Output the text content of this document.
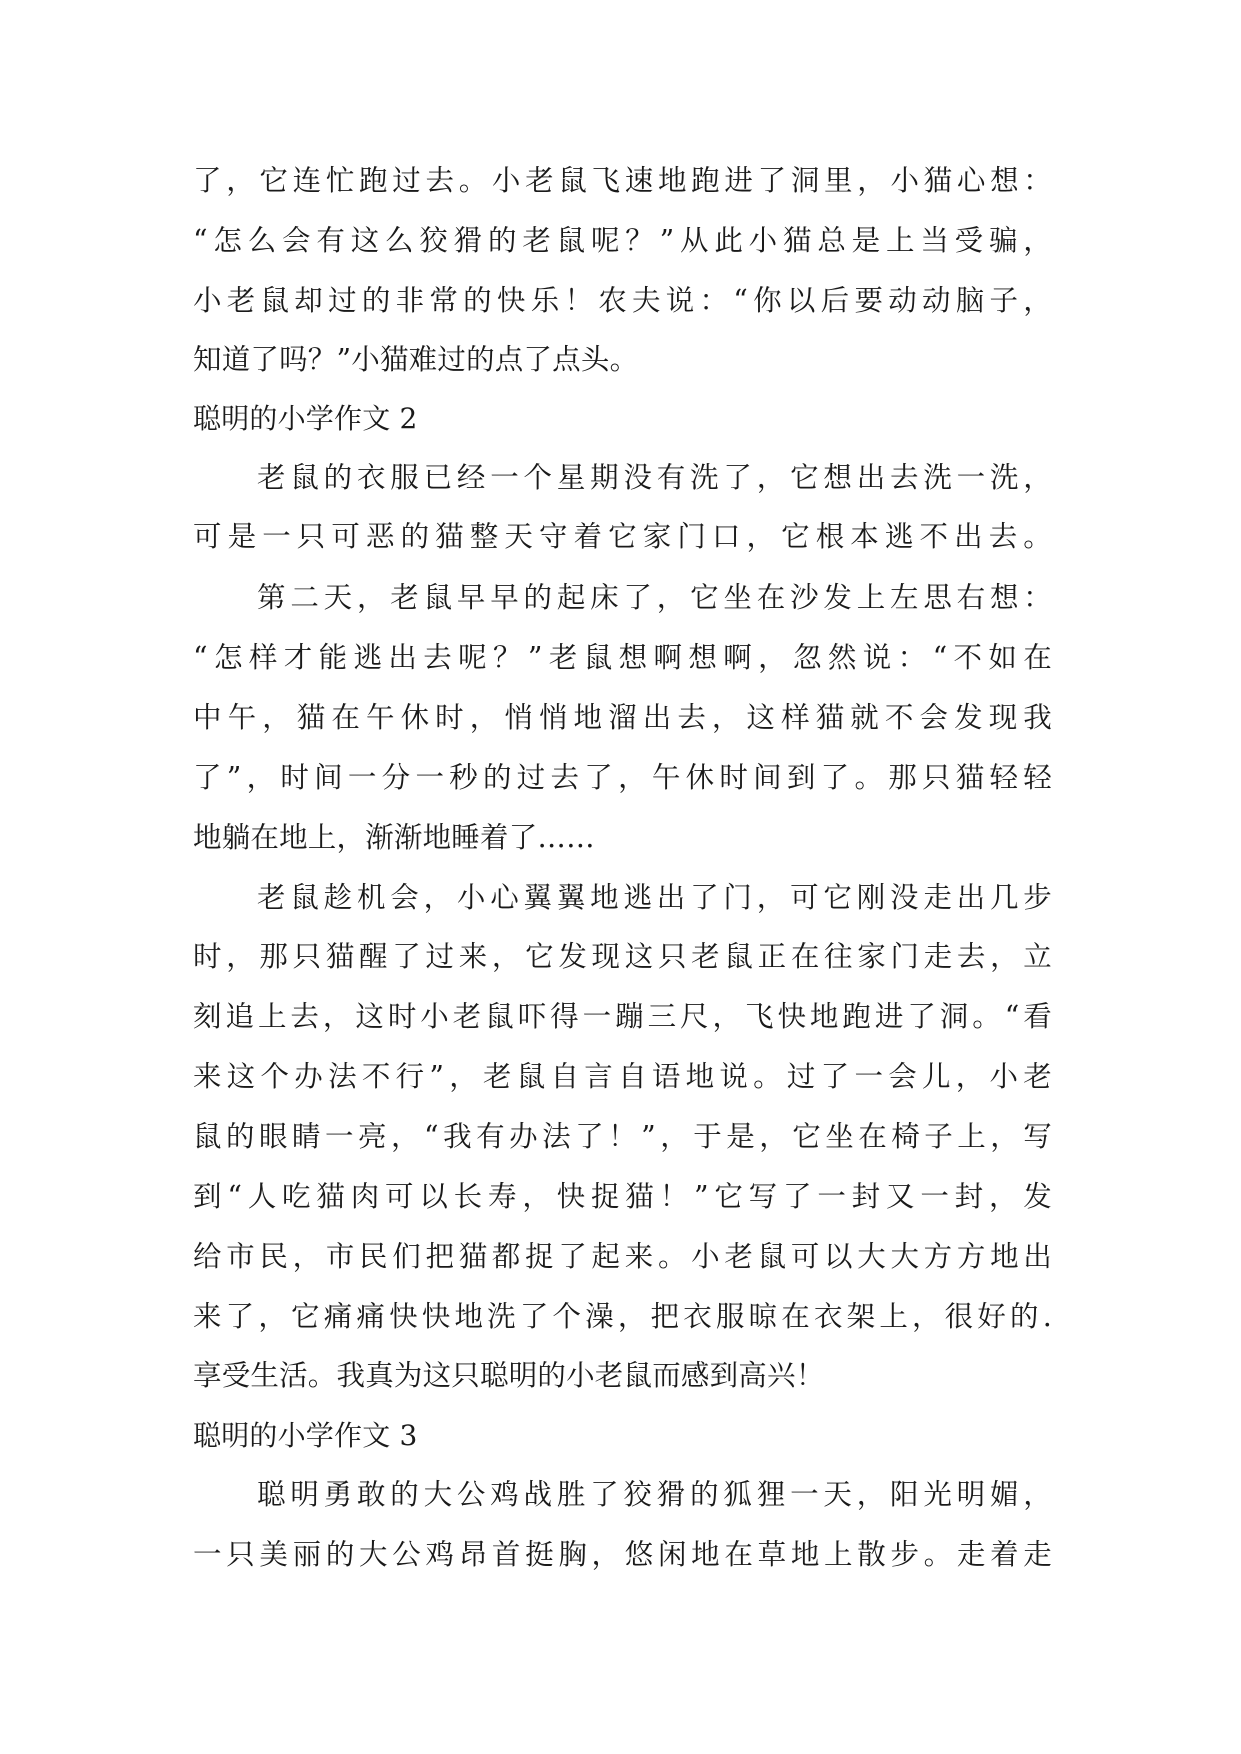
了，它连忙跑过去。小老鼠飞速地跑进了洞里，小猫心想：
“怎么会有这么狡猾的老鼠呢？”从此小猫总是上当受骗，
小老鼠却过的非常的快乐！农夫说：“你以后要动动脑子，
知道了吗？”小猫难过的点了点头。
聪明的小学作文 2
老鼠的衣服已经一个星期没有洗了，它想出去洗一洗，
可是一只可恶的猫整天守着它家门口，它根本逃不出去。
第二天，老鼠早早的起床了，它坐在沙发上左思右想：
“怎样才能逃出去呢？”老鼠想啊想啊，忽然说：“不如在
中午，猫在午休时，悄悄地溜出去，这样猫就不会发现我
了”，时间一分一秒的过去了，午休时间到了。那只猫轻轻
地躺在地上，渐渐地睡着了……
老鼠趁机会，小心翼翼地逃出了门，可它刚没走出几步
时，那只猫醒了过来，它发现这只老鼠正在往家门走去，立
刻追上去，这时小老鼠吓得一蹦三尺，飞快地跑进了洞。“看
来这个办法不行”，老鼠自言自语地说。过了一会儿，小老
鼠的眼睛一亮，“我有办法了！”，于是，它坐在椅子上，写
到“人吃猫肉可以长寿，快捉猫！”它写了一封又一封，发
给市民，市民们把猫都捉了起来。小老鼠可以大大方方地出
来了，它痛痛快快地洗了个澡，把衣服晾在衣架上，很好的.
享受生活。我真为这只聪明的小老鼠而感到高兴！
聪明的小学作文 3
聪明勇敢的大公鸡战胜了狡猾的狐狸一天，阳光明媚，
一只美丽的大公鸡昂首挺胸，悠闲地在草地上散步。走着走
